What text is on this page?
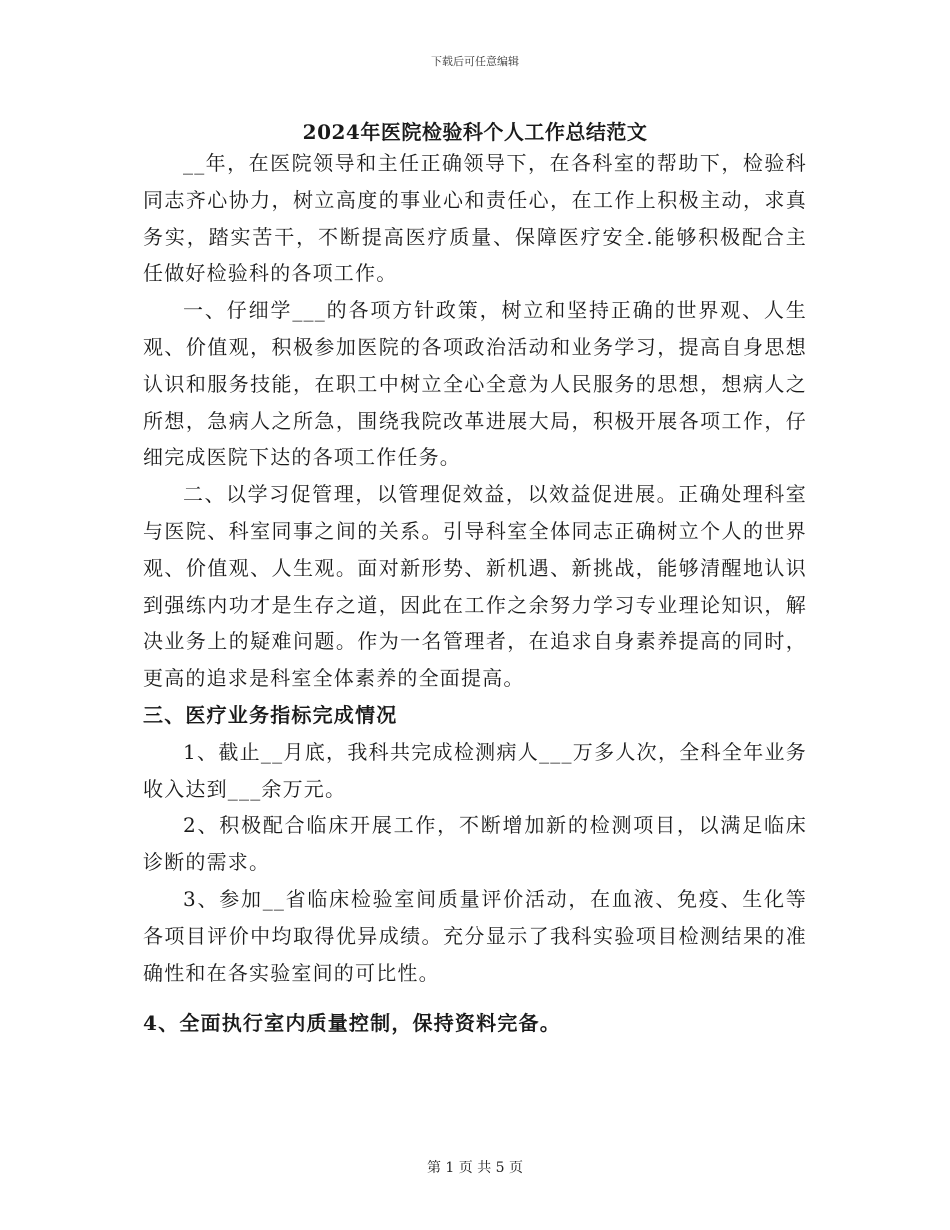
下载后可任意编辑
2024年医院检验科个人工作总结范文

__年，在医院领导和主任正确领导下，在各科室的帮助下，检验科同志齐心协力，树立高度的事业心和责任心，在工作上积极主动，求真务实，踏实苦干，不断提高医疗质量、保障医疗安全.能够积极配合主任做好检验科的各项工作。

一、仔细学___的各项方针政策，树立和坚持正确的世界观、人生观、价值观，积极参加医院的各项政治活动和业务学习，提高自身思想认识和服务技能，在职工中树立全心全意为人民服务的思想，想病人之所想，急病人之所急，围绕我院改革进展大局，积极开展各项工作，仔细完成医院下达的各项工作任务。

二、以学习促管理，以管理促效益，以效益促进展。正确处理科室与医院、科室同事之间的关系。引导科室全体同志正确树立个人的世界观、价值观、人生观。面对新形势、新机遇、新挑战，能够清醒地认识到强练内功才是生存之道，因此在工作之余努力学习专业理论知识，解决业务上的疑难问题。作为一名管理者，在追求自身素养提高的同时，更高的追求是科室全体素养的全面提高。

三、医疗业务指标完成情况

1、截止__月底，我科共完成检测病人___万多人次，全科全年业务收入达到___余万元。

2、积极配合临床开展工作，不断增加新的检测项目，以满足临床诊断的需求。

3、参加__省临床检验室间质量评价活动，在血液、免疫、生化等各项目评价中均取得优异成绩。充分显示了我科实验项目检测结果的准确性和在各实验室间的可比性。

4、全面执行室内质量控制，保持资料完备。

第 1 页 共 5 页
